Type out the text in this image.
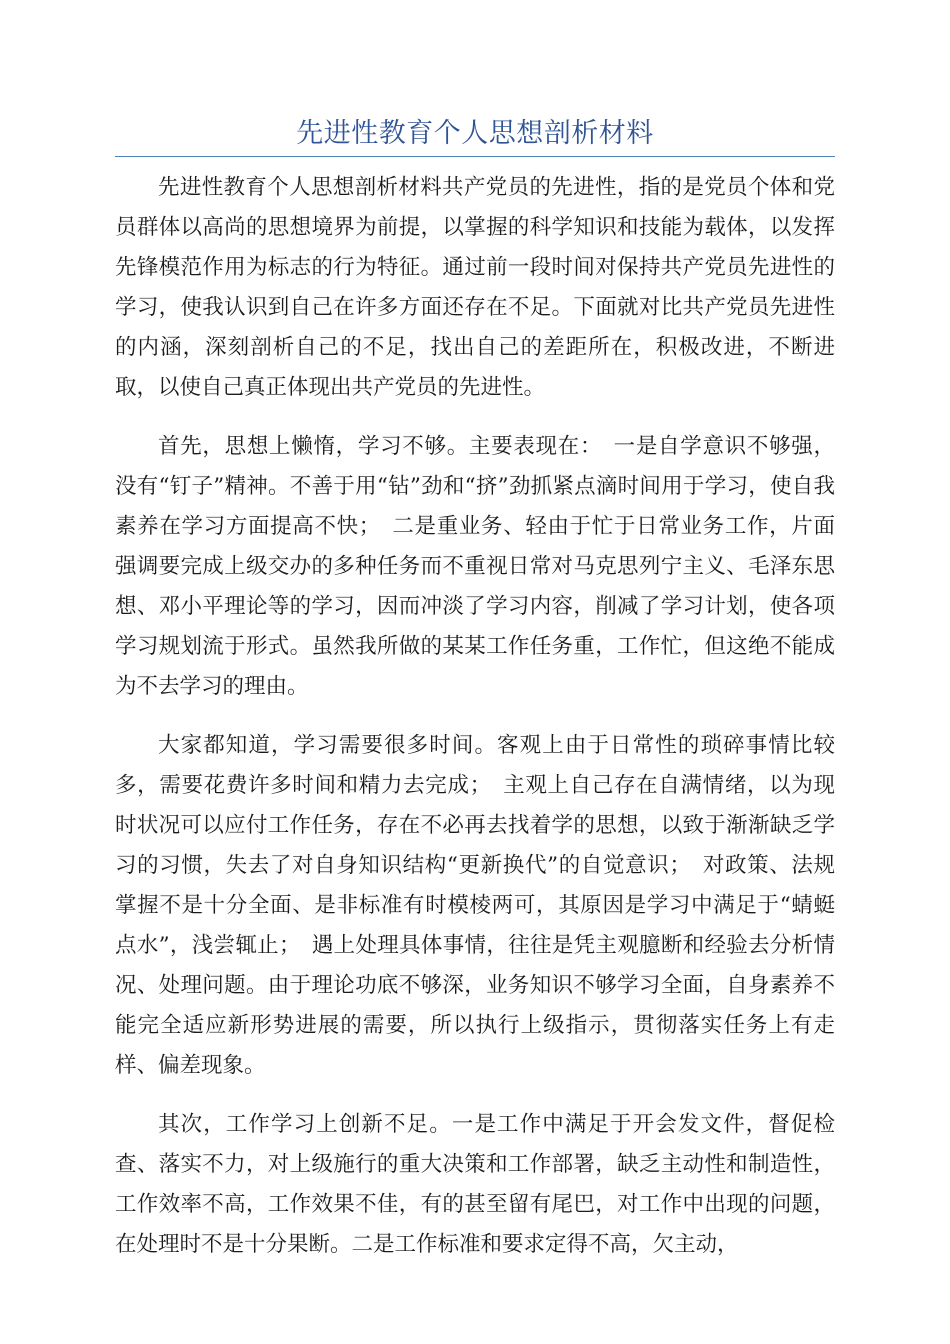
先进性教育个人思想剖析材料

先进性教育个人思想剖析材料共产党员的先进性，指的是党员个体和党员群体以高尚的思想境界为前提，以掌握的科学知识和技能为载体，以发挥先锋模范作用为标志的行为特征。通过前一段时间对保持共产党员先进性的学习，使我认识到自己在许多方面还存在不足。下面就对比共产党员先进性的内涵，深刻剖析自己的不足，找出自己的差距所在，积极改进，不断进取，以使自己真正体现出共产党员的先进性。

首先，思想上懒惰，学习不够。主要表现在：　一是自学意识不够强，没有“钉子”精神。不善于用“钻”劲和“挤”劲抓紧点滴时间用于学习，使自我素养在学习方面提高不快；　二是重业务、轻由于忙于日常业务工作，片面强调要完成上级交办的多种任务而不重视日常对马克思列宁主义、毛泽东思想、邓小平理论等的学习，因而冲淡了学习内容，削减了学习计划，使各项学习规划流于形式。虽然我所做的某某工作任务重，工作忙，但这绝不能成为不去学习的理由。

大家都知道，学习需要很多时间。客观上由于日常性的琐碎事情比较多，需要花费许多时间和精力去完成；　主观上自己存在自满情绪，以为现时状况可以应付工作任务，存在不必再去找着学的思想，以致于渐渐缺乏学习的习惯，失去了对自身知识结构“更新换代”的自觉意识；　对政策、法规掌握不是十分全面、是非标准有时模棱两可，其原因是学习中满足于“蜻蜓点水”，浅尝辄止；　遇上处理具体事情，往往是凭主观臆断和经验去分析情况、处理问题。由于理论功底不够深，业务知识不够学习全面，自身素养不能完全适应新形势进展的需要，所以执行上级指示，贯彻落实任务上有走样、偏差现象。

其次，工作学习上创新不足。一是工作中满足于开会发文件，督促检查、落实不力，对上级施行的重大决策和工作部署，缺乏主动性和制造性，工作效率不高，工作效果不佳，有的甚至留有尾巴，对工作中出现的问题，在处理时不是十分果断。二是工作标准和要求定得不高，欠主动，
